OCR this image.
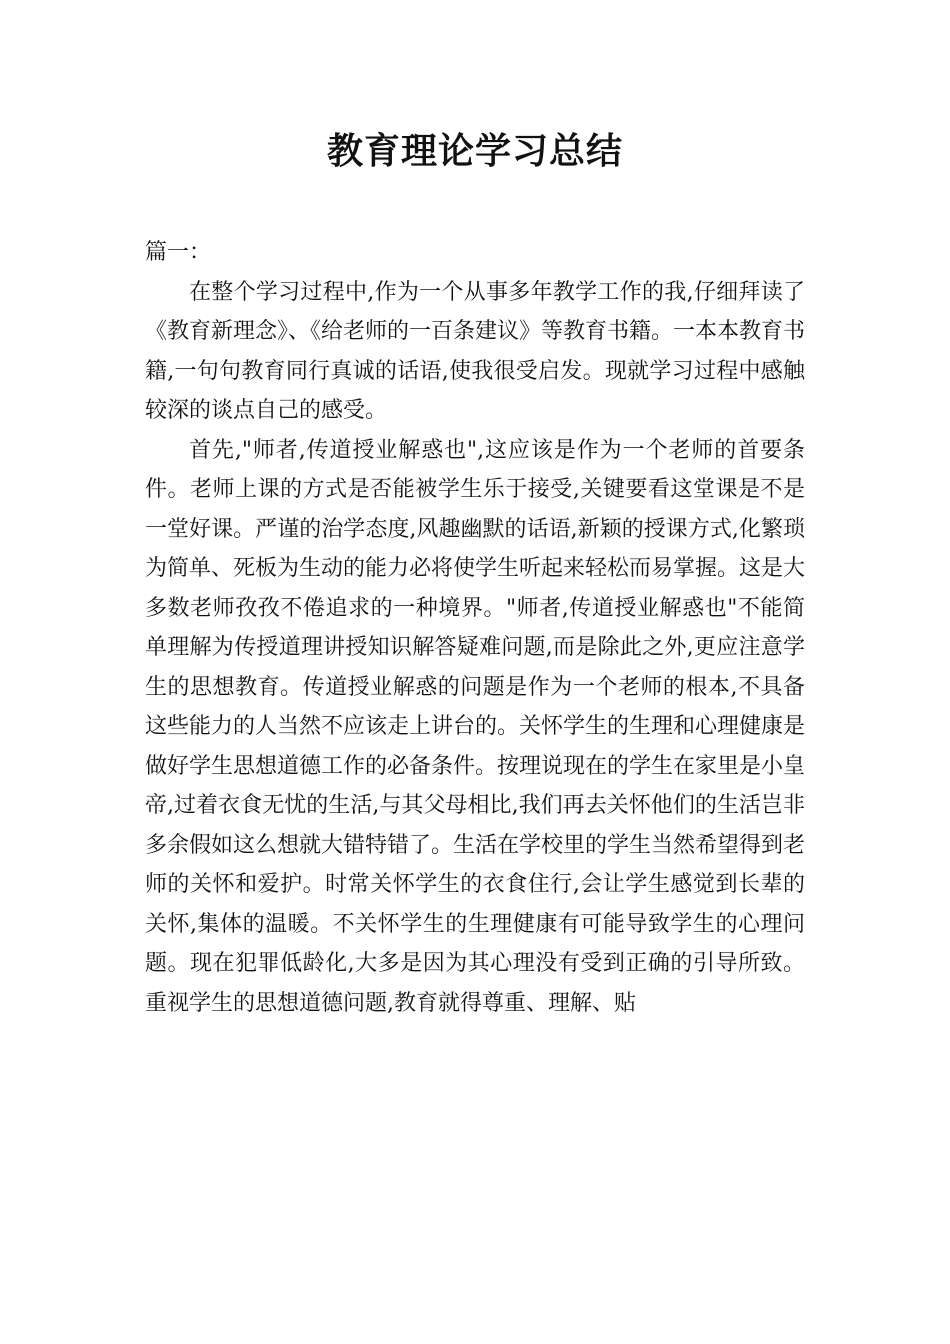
教育理论学习总结

篇一：

在整个学习过程中,作为一个从事多年教学工作的我,仔细拜读了《教育新理念》、《给老师的一百条建议》等教育书籍。一本本教育书籍,一句句教育同行真诚的话语,使我很受启发。现就学习过程中感触较深的谈点自己的感受。

首先,"师者,传道授业解惑也",这应该是作为一个老师的首要条件。老师上课的方式是否能被学生乐于接受,关键要看这堂课是不是一堂好课。严谨的治学态度,风趣幽默的话语,新颖的授课方式,化繁琐为简单、死板为生动的能力必将使学生听起来轻松而易掌握。这是大多数老师孜孜不倦追求的一种境界。"师者,传道授业解惑也"不能简单理解为传授道理讲授知识解答疑难问题,而是除此之外,更应注意学生的思想教育。传道授业解惑的问题是作为一个老师的根本,不具备这些能力的人当然不应该走上讲台的。关怀学生的生理和心理健康是做好学生思想道德工作的必备条件。按理说现在的学生在家里是小皇帝,过着衣食无忧的生活,与其父母相比,我们再去关怀他们的生活岂非多余假如这么想就大错特错了。生活在学校里的学生当然希望得到老师的关怀和爱护。时常关怀学生的衣食住行,会让学生感觉到长辈的关怀,集体的温暖。不关怀学生的生理健康有可能导致学生的心理问题。现在犯罪低龄化,大多是因为其心理没有受到正确的引导所致。重视学生的思想道德问题,教育就得尊重、理解、贴
